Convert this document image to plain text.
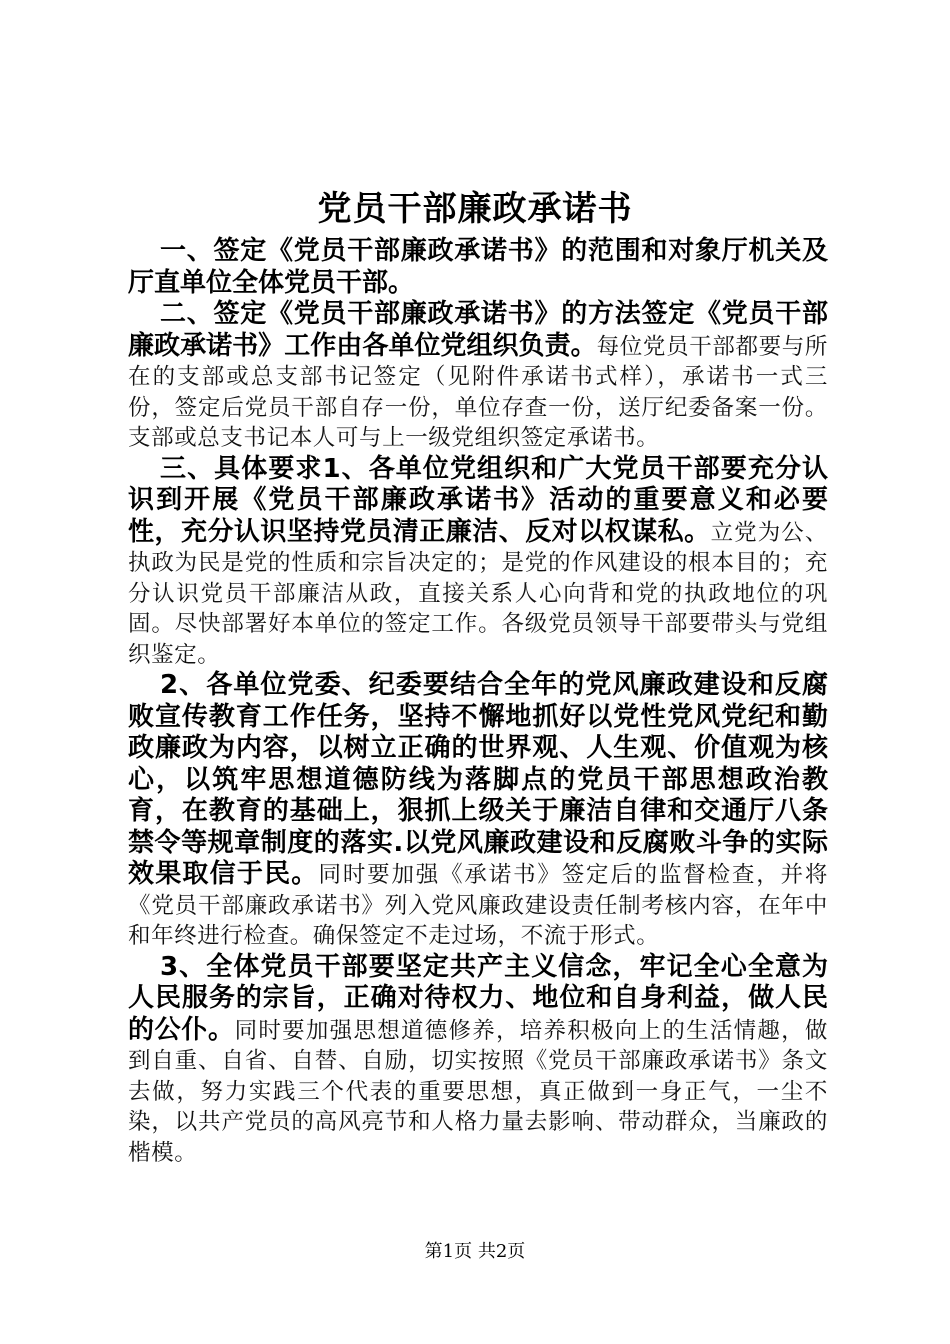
党员干部廉政承诺书

一、签定《党员干部廉政承诺书》的范围和对象厅机关及厅直单位全体党员干部。

二、签定《党员干部廉政承诺书》的方法签定《党员干部廉政承诺书》工作由各单位党组织负责。每位党员干部都要与所在的支部或总支部书记签定（见附件承诺书式样），承诺书一式三份，签定后党员干部自存一份，单位存查一份，送厅纪委备案一份。支部或总支书记本人可与上一级党组织签定承诺书。

三、具体要求1、各单位党组织和广大党员干部要充分认识到开展《党员干部廉政承诺书》活动的重要意义和必要性，充分认识坚持党员清正廉洁、反对以权谋私。立党为公、执政为民是党的性质和宗旨决定的；是党的作风建设的根本目的；充分认识党员干部廉洁从政，直接关系人心向背和党的执政地位的巩固。尽快部署好本单位的签定工作。各级党员领导干部要带头与党组织鉴定。

2、各单位党委、纪委要结合全年的党风廉政建设和反腐败宣传教育工作任务，坚持不懈地抓好以党性党风党纪和勤政廉政为内容，以树立正确的世界观、人生观、价值观为核心，以筑牢思想道德防线为落脚点的党员干部思想政治教育，在教育的基础上，狠抓上级关于廉洁自律和交通厅八条禁令等规章制度的落实.以党风廉政建设和反腐败斗争的实际效果取信于民。同时要加强《承诺书》签定后的监督检查，并将《党员干部廉政承诺书》列入党风廉政建设责任制考核内容，在年中和年终进行检查。确保签定不走过场，不流于形式。

3、全体党员干部要坚定共产主义信念，牢记全心全意为人民服务的宗旨，正确对待权力、地位和自身利益，做人民的公仆。同时要加强思想道德修养，培养积极向上的生活情趣，做到自重、自省、自替、自励，切实按照《党员干部廉政承诺书》条文去做，努力实践三个代表的重要思想，真正做到一身正气，一尘不染，以共产党员的高风亮节和人格力量去影响、带动群众，当廉政的楷模。

第1页 共2页
